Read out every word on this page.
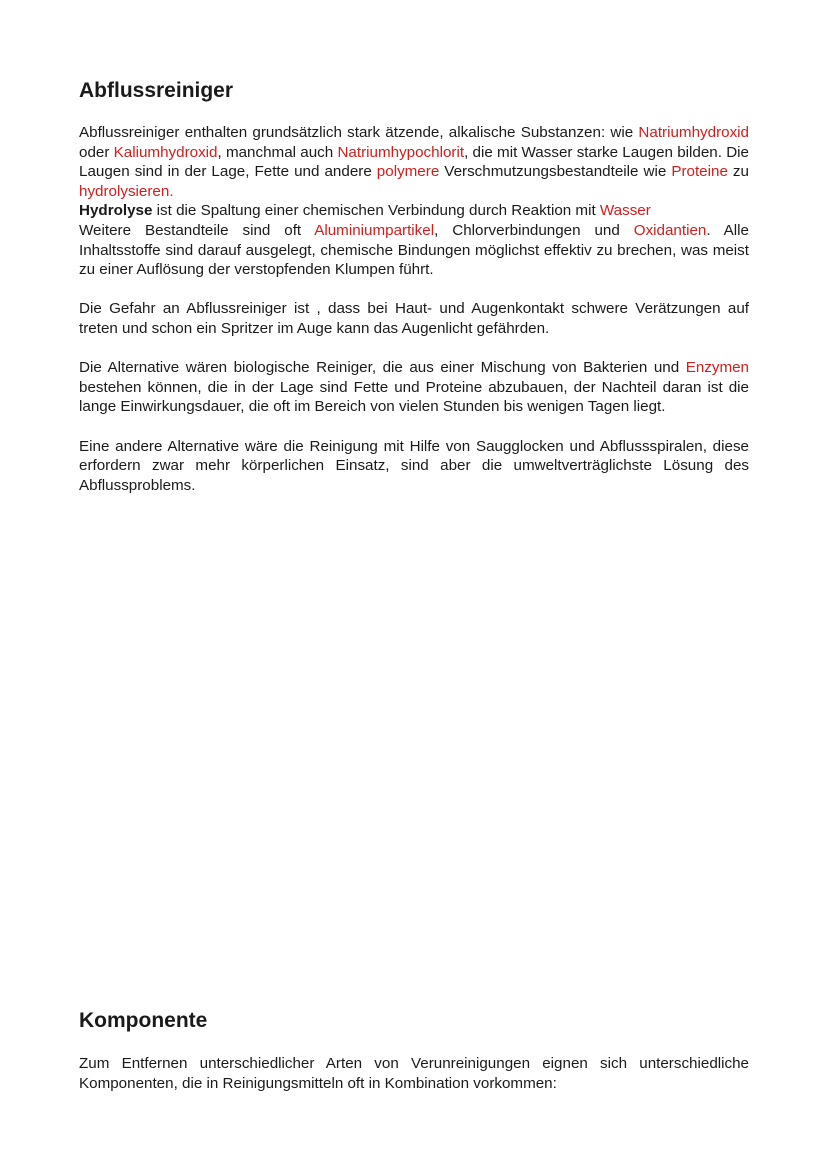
Abflussreiniger

Abflussreiniger enthalten grundsätzlich stark ätzende, alkalische Substanzen: wie Natriumhydroxid oder Kaliumhydroxid, manchmal auch Natriumhypochlorit, die mit Wasser starke Laugen bilden. Die Laugen sind in der Lage, Fette und andere polymere Verschmutzungsbestandteile wie Proteine zu hydrolysieren.

Hydrolyse ist die Spaltung einer chemischen Verbindung durch Reaktion mit Wasser

Weitere Bestandteile sind oft Aluminiumpartikel, Chlorverbindungen und Oxidantien. Alle Inhaltsstoffe sind darauf ausgelegt, chemische Bindungen möglichst effektiv zu brechen, was meist zu einer Auflösung der verstopfenden Klumpen führt.

Die Gefahr an Abflussreiniger ist , dass bei Haut- und Augenkontakt schwere Verätzungen auf treten und schon ein Spritzer im Auge kann das Augenlicht gefährden.

Die Alternative wären biologische Reiniger, die aus einer Mischung von Bakterien und Enzymen bestehen können, die in der Lage sind Fette und Proteine abzubauen, der Nachteil daran ist die lange Einwirkungsdauer, die oft im Bereich von vielen Stunden bis wenigen Tagen liegt.

Eine andere Alternative wäre die Reinigung mit Hilfe von Saugglocken und Abflussspiralen, diese erfordern zwar mehr körperlichen Einsatz, sind aber die umweltverträglichste Lösung des Abflussproblems.

Komponente

Zum Entfernen unterschiedlicher Arten von Verunreinigungen eignen sich unterschiedliche Komponenten, die in Reinigungsmitteln oft in Kombination vorkommen:
